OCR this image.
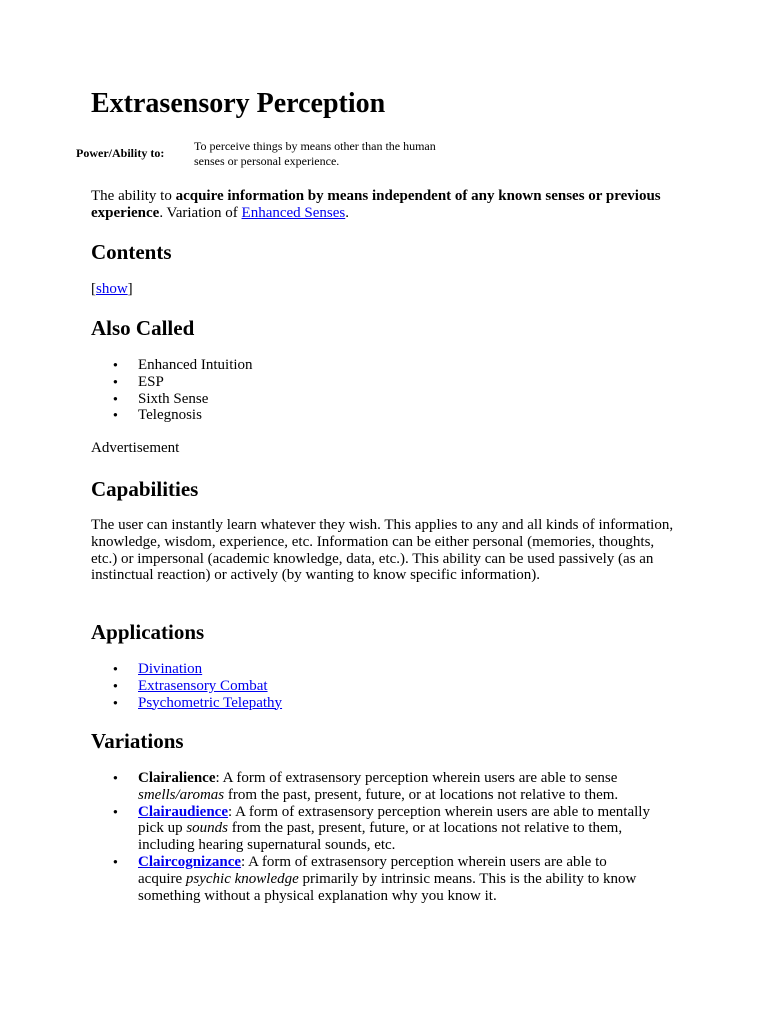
Extrasensory Perception
Power/Ability to: To perceive things by means other than the human senses or personal experience.

The ability to acquire information by means independent of any known senses or previous experience. Variation of Enhanced Senses.

Contents

[show]

Also Called
● Enhanced Intuition
● ESP
● Sixth Sense
● Telegnosis

Advertisement

Capabilities

The user can instantly learn whatever they wish. This applies to any and all kinds of information, knowledge, wisdom, experience, etc. Information can be either personal (memories, thoughts, etc.) or impersonal (academic knowledge, data, etc.). This ability can be used passively (as an instinctual reaction) or actively (by wanting to know specific information).

Applications
● Divination
● Extrasensory Combat
● Psychometric Telepathy
Variations
● Clairalience: A form of extrasensory perception wherein users are able to sense smells/aromas from the past, present, future, or at locations not relative to them.
● Clairaudience: A form of extrasensory perception wherein users are able to mentally pick up sounds from the past, present, future, or at locations not relative to them, including hearing supernatural sounds, etc.
● Claircognizance: A form of extrasensory perception wherein users are able to acquire psychic knowledge primarily by intrinsic means. This is the ability to know something without a physical explanation why you know it.
